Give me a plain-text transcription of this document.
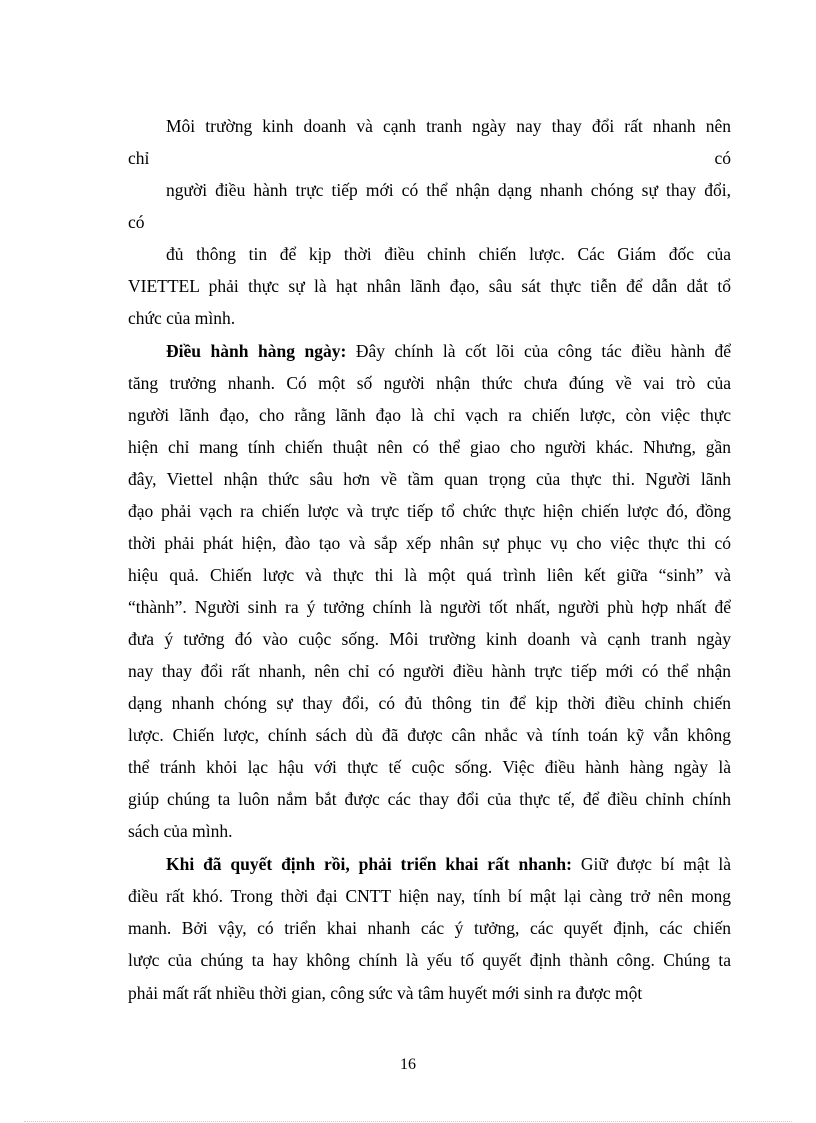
Môi trường kinh doanh và cạnh tranh ngày nay thay đổi rất nhanh nên
chỉ	có
người điều hành trực tiếp mới có thể nhận dạng nhanh chóng sự thay đổi,
có
đủ thông tin để kịp thời điều chỉnh chiến lược. Các Giám đốc của
VIETTEL phải thực sự là hạt nhân lãnh đạo, sâu sát thực tiễn để dẫn dắt tổ
chức của mình.
Điều hành hàng ngày: Đây chính là cốt lõi của công tác điều hành để
tăng trưởng nhanh. Có một số người nhận thức chưa đúng về vai trò của
người lãnh đạo, cho rằng lãnh đạo là chỉ vạch ra chiến lược, còn việc thực
hiện chỉ mang tính chiến thuật nên có thể giao cho người khác. Nhưng, gần
đây, Viettel nhận thức sâu hơn về tầm quan trọng của thực thi. Người lãnh
đạo phải vạch ra chiến lược và trực tiếp tổ chức thực hiện chiến lược đó, đồng
thời phải phát hiện, đào tạo và sắp xếp nhân sự phục vụ cho việc thực thi có
hiệu quả. Chiến lược và thực thi là một quá trình liên kết giữa “sinh” và
“thành”. Người sinh ra ý tưởng chính là người tốt nhất, người phù hợp nhất để
đưa ý tưởng đó vào cuộc sống. Môi trường kinh doanh và cạnh tranh ngày
nay thay đổi rất nhanh, nên chỉ có người điều hành trực tiếp mới có thể nhận
dạng nhanh chóng sự thay đổi, có đủ thông tin để kịp thời điều chỉnh chiến
lược. Chiến lược, chính sách dù đã được cân nhắc và tính toán kỹ vẫn không
thể tránh khỏi lạc hậu với thực tế cuộc sống. Việc điều hành hàng ngày là
giúp chúng ta luôn nắm bắt được các thay đổi của thực tế, để điều chỉnh chính
sách của mình.
Khi đã quyết định rồi, phải triển khai rất nhanh: Giữ được bí mật là
điều rất khó. Trong thời đại CNTT hiện nay, tính bí mật lại càng trở nên mong
manh. Bởi vậy, có triển khai nhanh các ý tưởng, các quyết định, các chiến
lược của chúng ta hay không chính là yếu tố quyết định thành công. Chúng ta
phải mất rất nhiều thời gian, công sức và tâm huyết mới sinh ra được một
16
